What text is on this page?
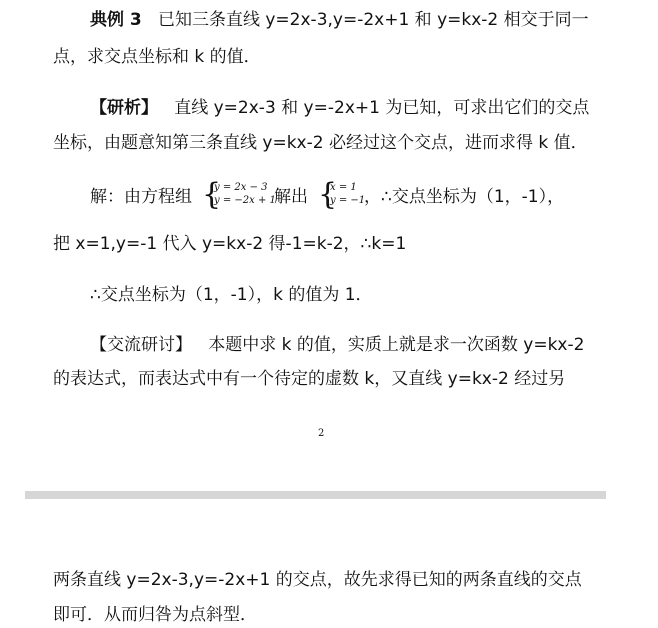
典例 3 已知三条直线 y=2x-3,y=-2x+1 和 y=kx-2 相交于同一
点，求交点坐标和 k 的值．
【研析】 直线 y=2x-3 和 y=-2x+1 为已知，可求出它们的交点
坐标，由题意知第三条直线 y=kx-2 必经过这个交点，进而求得 k 值．
解：由方程组 {
y = 2x − 3
y = −2x + 1
解出 {
x = 1
y = −1
，∴交点坐标为（1，-1），
把 x=1,y=-1 代入 y=kx-2 得-1=k-2，∴k=1
∴交点坐标为（1，-1），k 的值为 1．
【交流研讨】 本题中求 k 的值，实质上就是求一次函数 y=kx-2
的表达式，而表达式中有一个待定的虚数 k，又直线 y=kx-2 经过另
2
两条直线 y=2x-3,y=-2x+1 的交点，故先求得已知的两条直线的交点
即可．从而归咎为点斜型．
